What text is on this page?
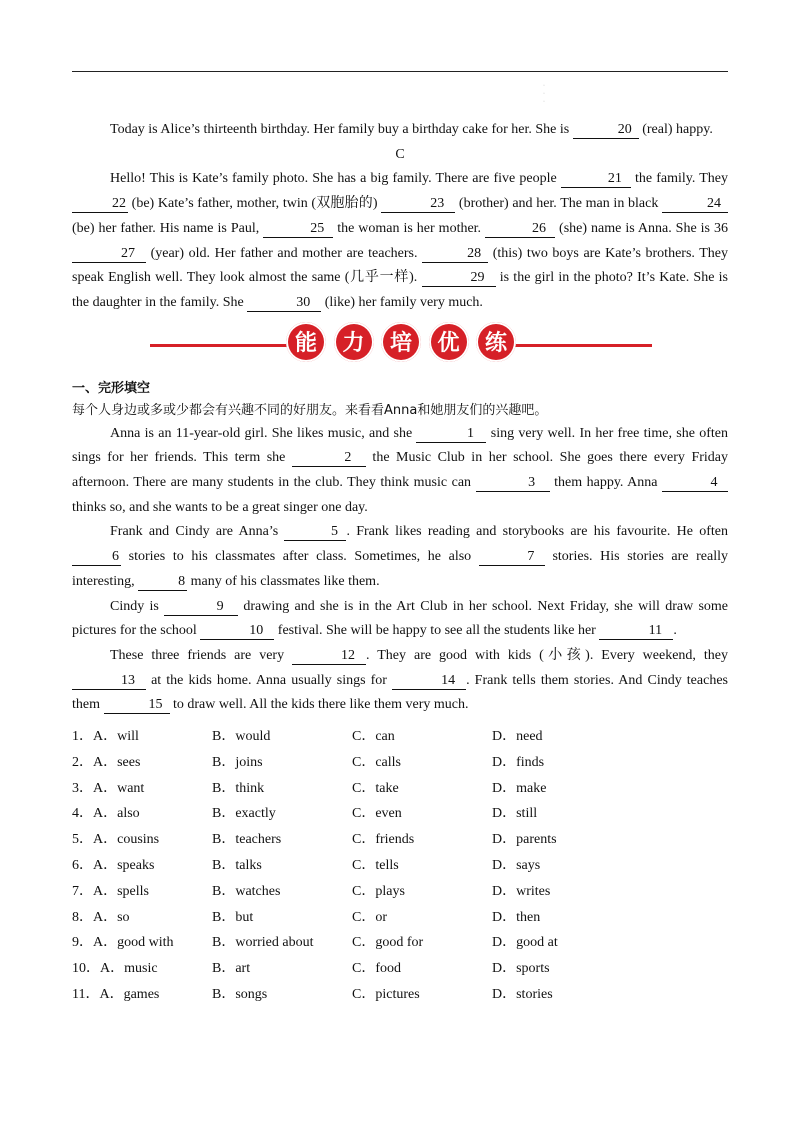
·
·
·

Today is Alice’s thirteenth birthday. Her family buy a birthday cake for her. She is	20 (real) happy.

C

Hello! This is Kate’s family photo. She has a big family. There are five people	21 the family. They 22 (be) Kate’s father, mother, twin (双胞胎的)	23 (brother) and her. The man in black	24 (be) her father. His name is Paul,	25 the woman is her mother.	26 (she) name is Anna. She is 36 27 (year) old. Her father and mother are teachers.	28 (this) two boys are Kate’s brothers. They speak English well. They look almost the same (几乎一样).	29 is the girl in the photo? It’s Kate. She is the daughter in the family. She	30 (like) her family very much.

能	力	培	优	练
一、完形填空
每个人身边或多或少都会有兴趣不同的好朋友。来看看Anna和她朋友们的兴趣吧。

Anna is an 11-year-old girl. She likes music, and she	1 sing very well. In her free time, she often sings for her friends. This term she	2 the Music Club in her school. She goes there every Friday afternoon. There are many students in the club. They think music can	3 them happy. Anna	4 thinks so, and she wants to be a great singer one day.

Frank and Cindy are Anna’s	5 . Frank likes reading and storybooks are his favourite. He often 6 stories to his classmates after class. Sometimes, he also	7 stories. His stories are really interesting,	8 many of his classmates like them.

Cindy is	9 drawing and she is in the Art Club in her school. Next Friday, she will draw some pictures for the school	10 festival. She will be happy to see all the students like her	11 .

These three friends are very	12 . They are good with kids (小孩). Every weekend, they 13 at the kids home. Anna usually sings for	14 . Frank tells them stories. And Cindy teaches them	15 to draw well. All the kids there like them very much.

1．A．will	B．would	C．can	D．need
2．A．sees	B．joins	C．calls	D．finds
3．A．want	B．think	C．take	D．make
4．A．also	B．exactly	C．even	D．still
5．A．cousins	B．teachers	C．friends	D．parents
6．A．speaks	B．talks	C．tells	D．says
7．A．spells	B．watches	C．plays	D．writes
8．A．so	B．but	C．or	D．then
9．A．good with	B．worried about	C．good for	D．good at
10．A．music	B．art	C．food	D．sports
11．A．games	B．songs	C．pictures	D．stories
